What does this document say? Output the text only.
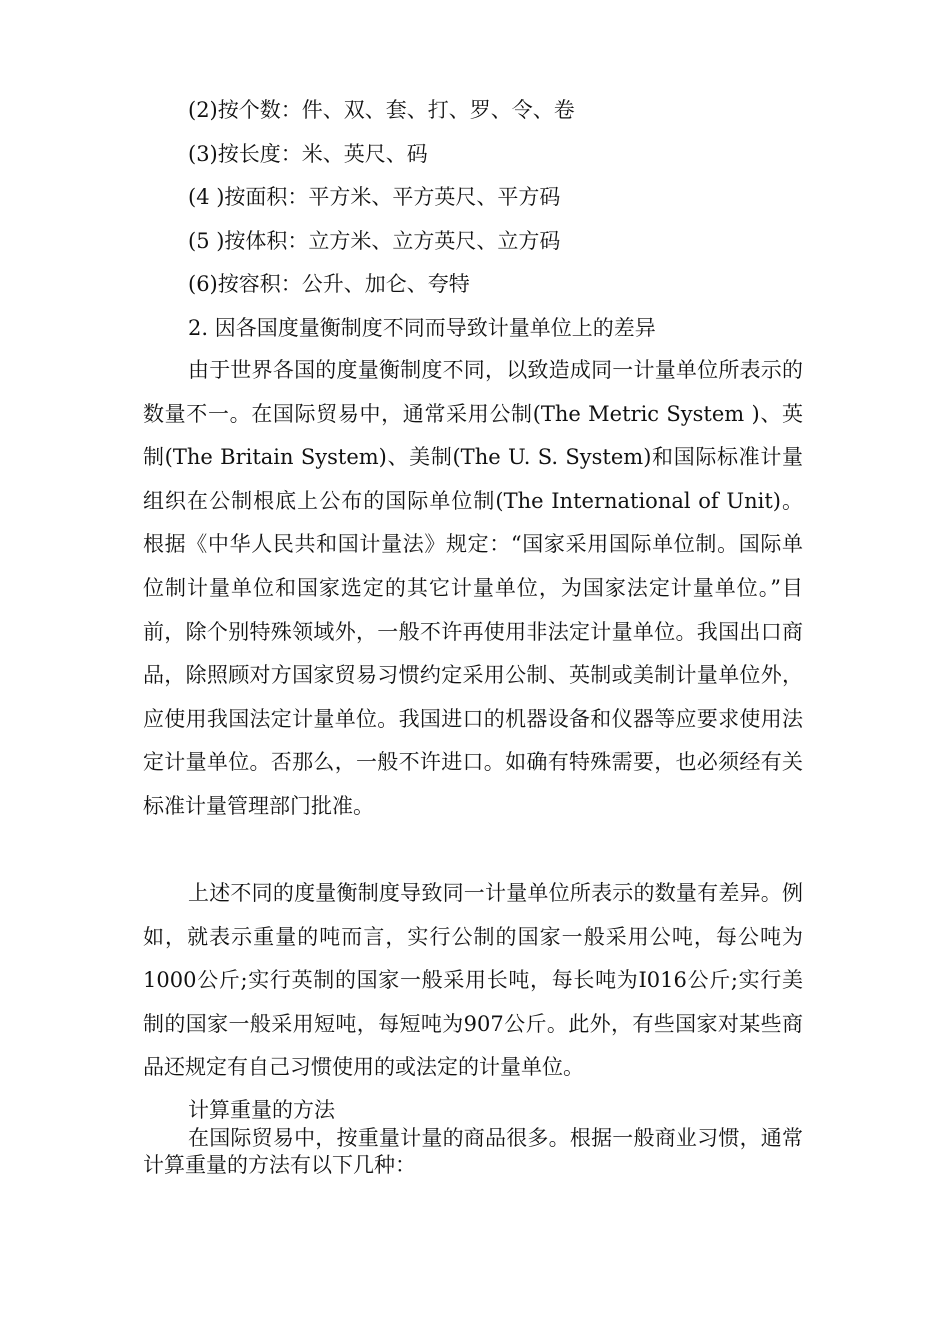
(2)按个数：件、双、套、打、罗、令、卷
(3)按长度：米、英尺、码
(4 )按面积：平方米、平方英尺、平方码
(5 )按体积：立方米、立方英尺、立方码
(6)按容积：公升、加仑、夸特
2. 因各国度量衡制度不同而导致计量单位上的差异

由于世界各国的度量衡制度不同，以致造成同一计量单位所表示的数量不一。在国际贸易中，通常采用公制(The Metric System )、英制(The Britain System)、美制(The U. S. System)和国际标准计量组织在公制根底上公布的国际单位制(The International of Unit)。根据《中华人民共和国计量法》规定：“国家采用国际单位制。国际单位制计量单位和国家选定的其它计量单位，为国家法定计量单位。”目前，除个别特殊领域外，一般不许再使用非法定计量单位。我国出口商品，除照顾对方国家贸易习惯约定采用公制、英制或美制计量单位外，应使用我国法定计量单位。我国进口的机器设备和仪器等应要求使用法定计量单位。否那么，一般不许进口。如确有特殊需要，也必须经有关标准计量管理部门批准。

上述不同的度量衡制度导致同一计量单位所表示的数量有差异。例如，就表示重量的吨而言，实行公制的国家一般采用公吨，每公吨为1000公斤;实行英制的国家一般采用长吨，每长吨为I016公斤;实行美制的国家一般采用短吨，每短吨为907公斤。此外，有些国家对某些商品还规定有自己习惯使用的或法定的计量单位。

计算重量的方法

在国际贸易中，按重量计量的商品很多。根据一般商业习惯，通常计算重量的方法有以下几种：
